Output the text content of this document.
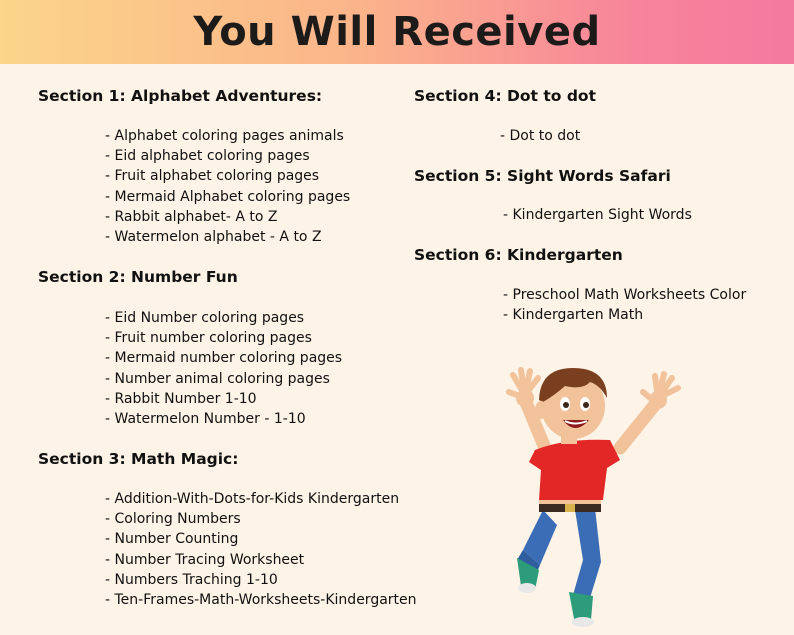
You Will Received
Section 1: Alphabet Adventures:
- Alphabet coloring pages animals
- Eid alphabet coloring pages
- Fruit alphabet coloring pages
- Mermaid Alphabet coloring pages
- Rabbit alphabet- A to Z
- Watermelon alphabet - A to Z
Section 2: Number Fun
- Eid Number coloring pages
- Fruit number coloring pages
- Mermaid number coloring pages
- Number animal coloring pages
- Rabbit Number 1-10
- Watermelon Number - 1-10
Section 3: Math Magic:
- Addition-With-Dots-for-Kids Kindergarten
- Coloring Numbers
- Number Counting
- Number Tracing Worksheet
- Numbers Traching 1-10
- Ten-Frames-Math-Worksheets-Kindergarten
Section 4: Dot to dot
- Dot to dot
Section 5: Sight Words Safari
- Kindergarten Sight Words
Section 6: Kindergarten
- Preschool Math Worksheets Color
- Kindergarten Math
